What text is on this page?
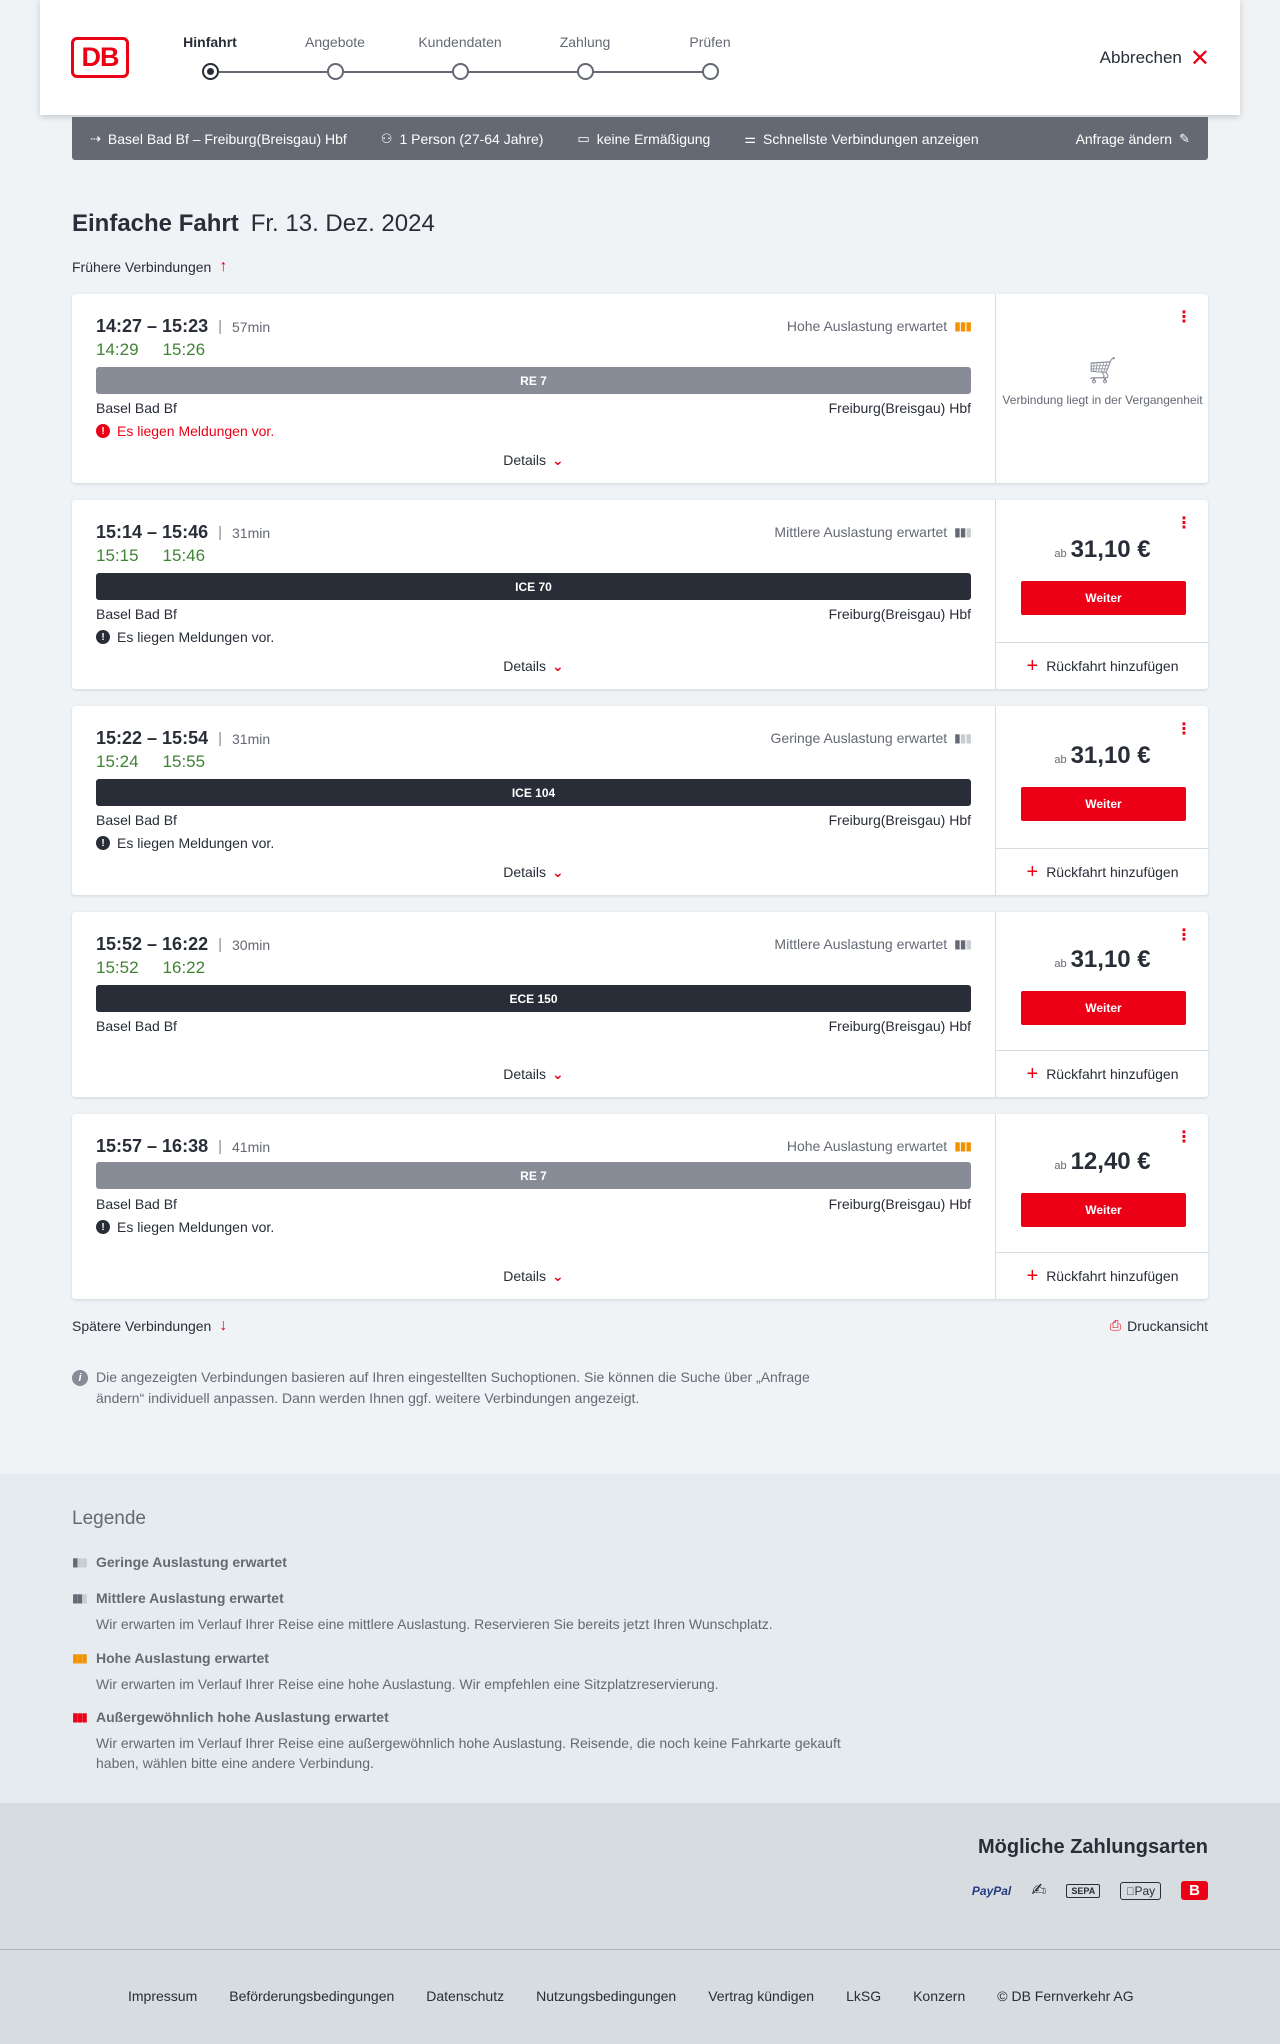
DB	Hinfahrt	Angebote	Kundendaten	Zahlung	Prüfen
Abbrechen ✕
⇢ Basel Bad Bf – Freiburg(Breisgau) Hbf	⚇ 1 Person (27-64 Jahre)	▭ keine Ermäßigung	⚌ Schnellste Verbindungen anzeigen	Anfrage ändern ✎
Einfache Fahrt Fr. 13. Dez. 2024
Frühere Verbindungen ↑
14:27 – 15:23 | 57min	Hohe Auslastung erwartet ▮▮▮
14:29 15:26
RE 7
Basel Bad Bf	Freiburg(Breisgau) Hbf
! Es liegen Meldungen vor.
Details ⌄
⋮
🛒︎
Verbindung liegt in der Vergangenheit
15:14 – 15:46 | 31min	Mittlere Auslastung erwartet ▮▮▮
15:15 15:46
ICE 70
Basel Bad Bf	Freiburg(Breisgau) Hbf
! Es liegen Meldungen vor.
Details ⌄
⋮
ab 31,10 €
Weiter
+ Rückfahrt hinzufügen
15:22 – 15:54 | 31min	Geringe Auslastung erwartet ▮▮▮
15:24 15:55
ICE 104
Basel Bad Bf	Freiburg(Breisgau) Hbf
! Es liegen Meldungen vor.
Details ⌄
⋮
ab 31,10 €
Weiter
+ Rückfahrt hinzufügen
15:52 – 16:22 | 30min	Mittlere Auslastung erwartet ▮▮▮
15:52 16:22
ECE 150
Basel Bad Bf	Freiburg(Breisgau) Hbf
Details ⌄
⋮
ab 31,10 €
Weiter
+ Rückfahrt hinzufügen
15:57 – 16:38 | 41min	Hohe Auslastung erwartet ▮▮▮
RE 7
Basel Bad Bf	Freiburg(Breisgau) Hbf
! Es liegen Meldungen vor.
Details ⌄
⋮
ab 12,40 €
Weiter
+ Rückfahrt hinzufügen
Spätere Verbindungen ↓	⎙ Druckansicht
i	Die angezeigten Verbindungen basieren auf Ihren eingestellten Suchoptionen. Sie können die Suche über „Anfrage ändern“ individuell anpassen. Dann werden Ihnen ggf. weitere Verbindungen angezeigt.
Legende
▮▮▮ Geringe Auslastung erwartet
▮▮▮ Mittlere Auslastung erwartet
Wir erwarten im Verlauf Ihrer Reise eine mittlere Auslastung. Reservieren Sie bereits jetzt Ihren Wunschplatz.
▮▮▮ Hohe Auslastung erwartet
Wir erwarten im Verlauf Ihrer Reise eine hohe Auslastung. Wir empfehlen eine Sitzplatzreservierung.
▮▮▮ Außergewöhnlich hohe Auslastung erwartet
Wir erwarten im Verlauf Ihrer Reise eine außergewöhnlich hohe Auslastung. Reisende, die noch keine Fahrkarte gekauft haben, wählen bitte eine andere Verbindung.
Mögliche Zahlungsarten
PayPal	✍	SEPA	Pay	B
Impressum Beförderungsbedingungen Datenschutz Nutzungsbedingungen Vertrag kündigen LkSG Konzern © DB Fernverkehr AG
